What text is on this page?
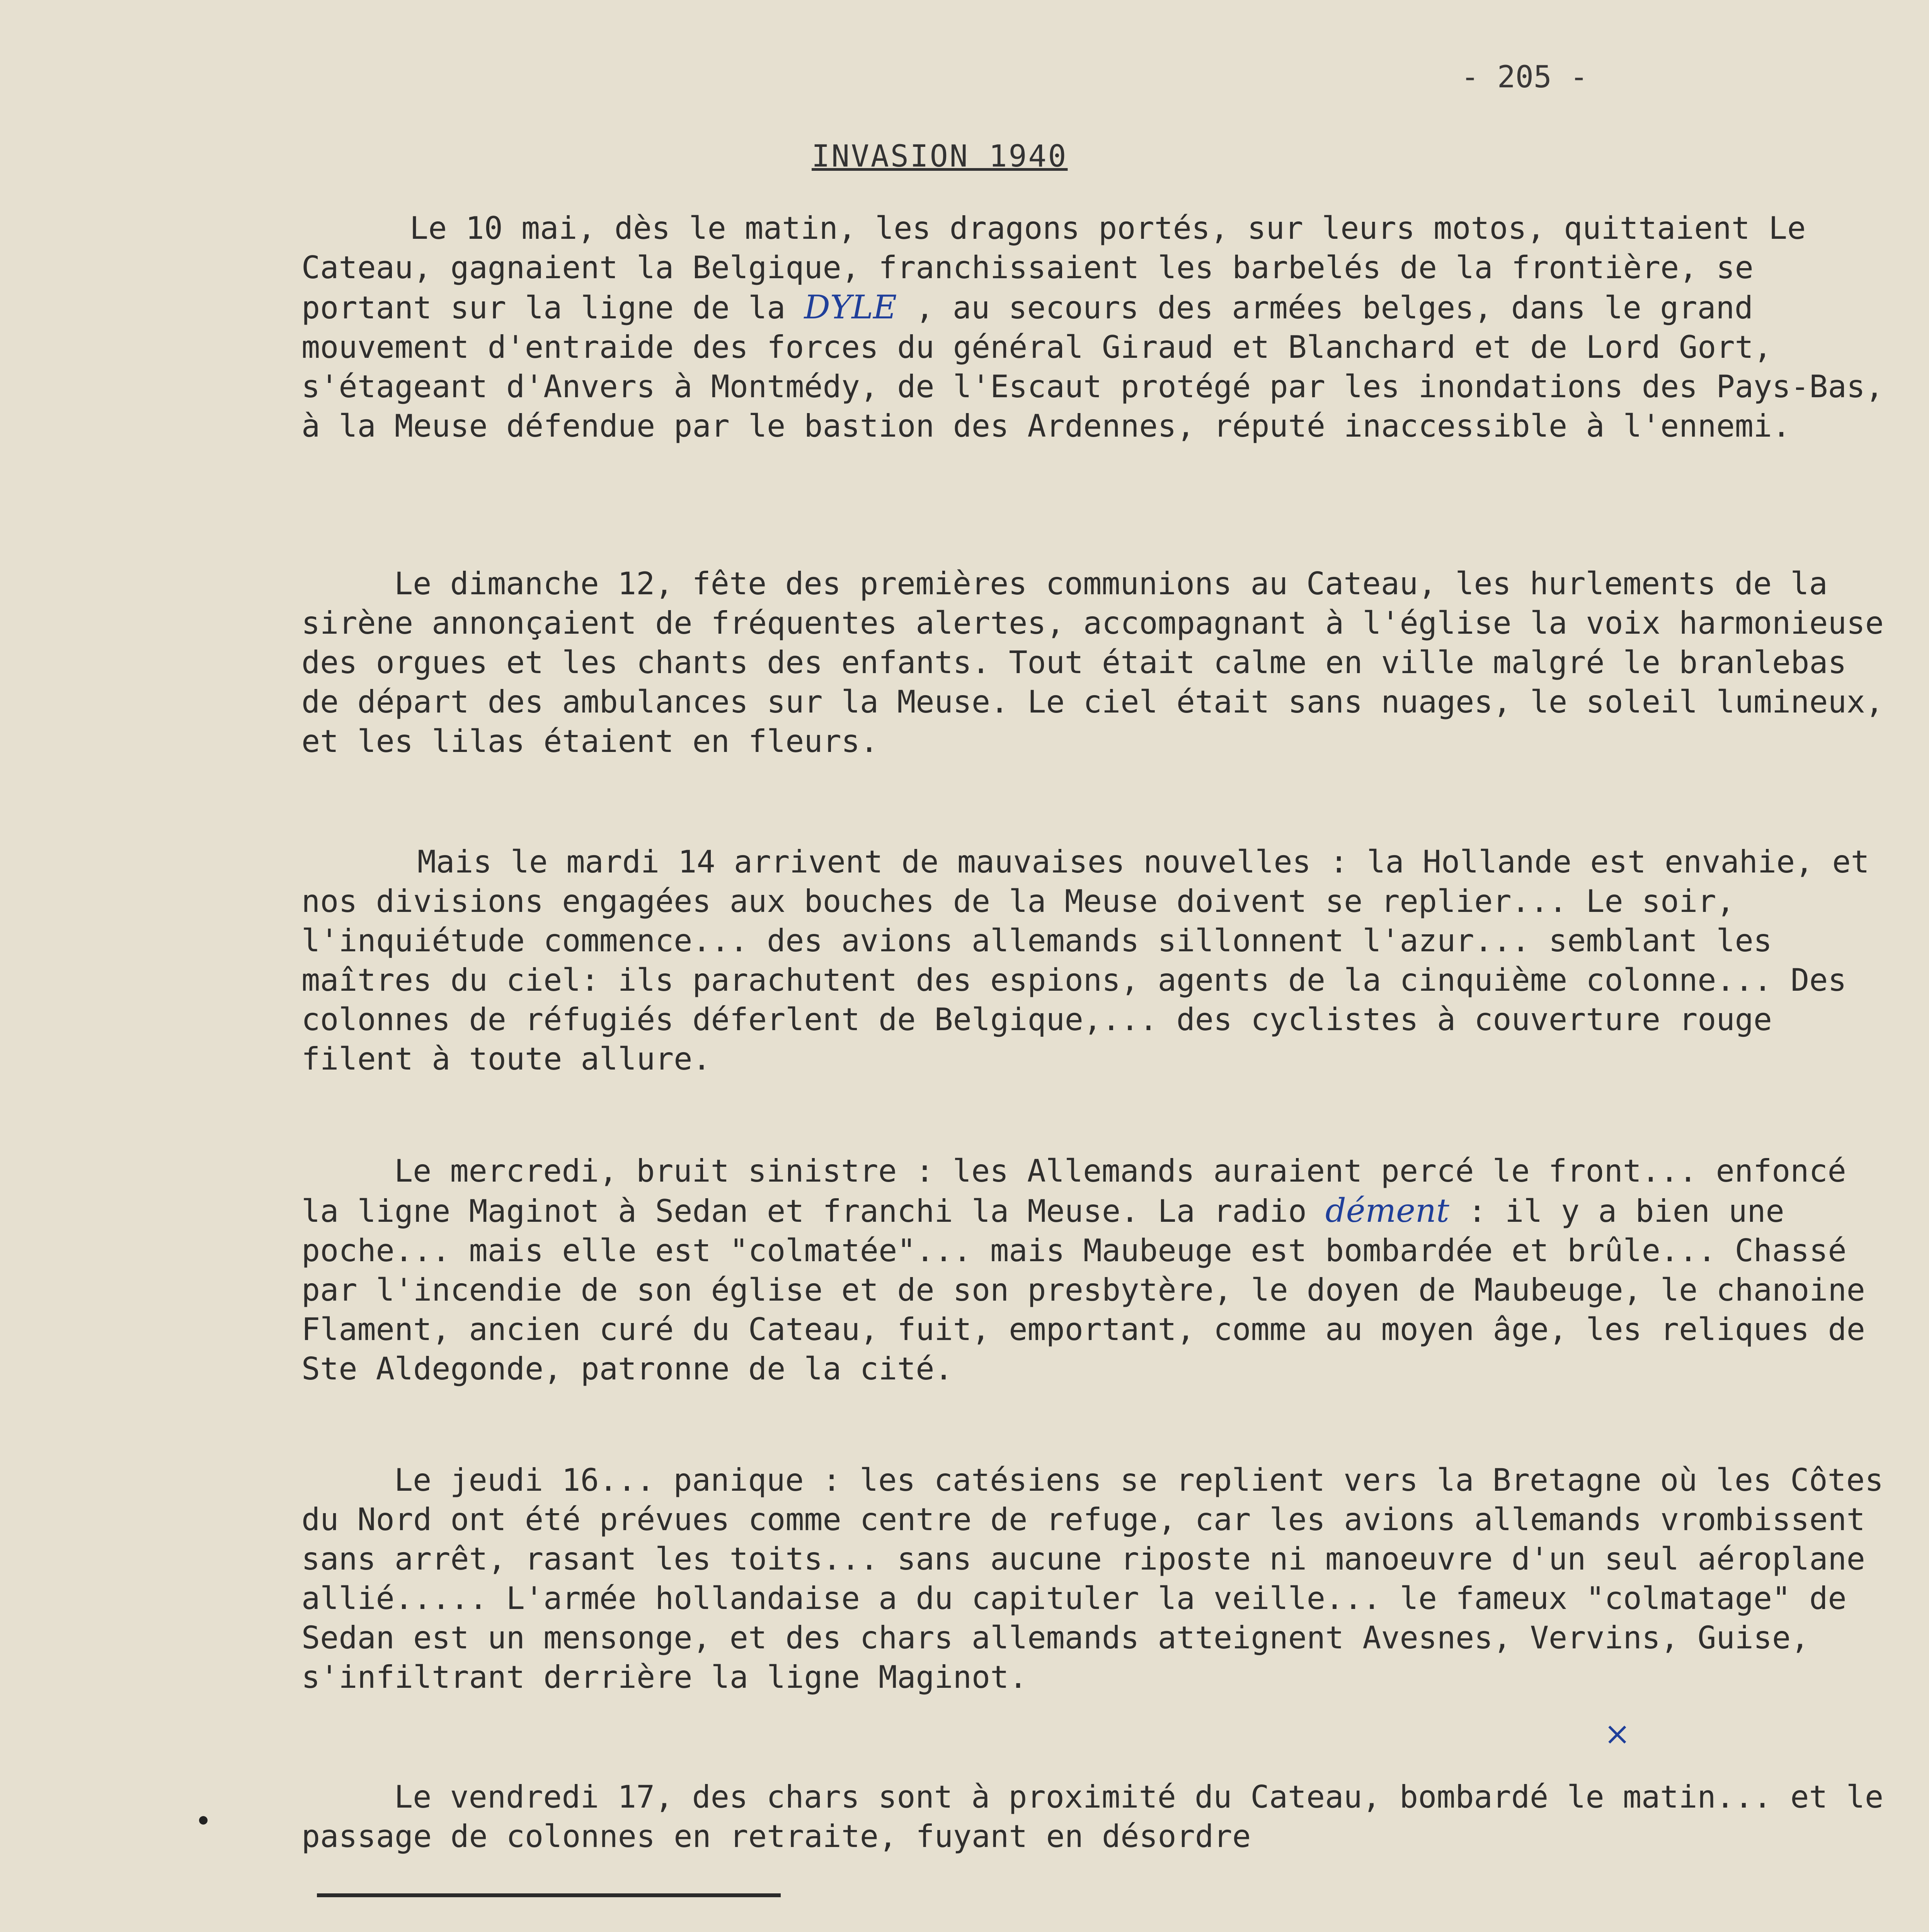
- 205 -
INVASION 1940
Le 10 mai, dès le matin, les dragons portés, sur leurs motos, quittaient Le Cateau, gagnaient la Belgique, franchissaient les barbelés de la frontière, se portant sur la ligne de la DYLE , au secours des armées belges, dans le grand mouvement d'entraide des forces du général Giraud et Blanchard et de Lord Gort, s'étageant d'Anvers à Montmédy, de l'Escaut protégé par les inondations des Pays-Bas, à la Meuse défendue par le bastion des Ardennes, réputé inaccessible à l'ennemi.
Le dimanche 12, fête des premières communions au Cateau, les hurlements de la sirène annonçaient de fréquentes alertes, accompagnant à l'église la voix harmonieuse des orgues et les chants des enfants. Tout était calme en ville malgré le branlebas de départ des ambulances sur la Meuse. Le ciel était sans nuages, le soleil lumineux, et les lilas étaient en fleurs.
Mais le mardi 14 arrivent de mauvaises nouvelles : la Hollande est envahie, et nos divisions engagées aux bouches de la Meuse doivent se replier... Le soir, l'inquiétude commence... des avions allemands sillonnent l'azur... semblant les maîtres du ciel: ils parachutent des espions, agents de la cinquième colonne... Des colonnes de réfugiés déferlent de Belgique,... des cyclistes à couverture rouge filent à toute allure.
Le mercredi, bruit sinistre : les Allemands auraient percé le front... enfoncé la ligne Maginot à Sedan et franchi la Meuse. La radio dément : il y a bien une poche... mais elle est "colmatée"... mais Maubeuge est bombardée et brûle... Chassé par l'incendie de son église et de son presbytère, le doyen de Maubeuge, le chanoine Flament, ancien curé du Cateau, fuit, emportant, comme au moyen âge, les reliques de Ste Aldegonde, patronne de la cité.
Le jeudi 16... panique : les catésiens se replient vers la Bretagne où les Côtes du Nord ont été prévues comme centre de refuge, car les avions allemands vrombissent sans arrêt, rasant les toits... sans aucune riposte ni manoeuvre d'un seul aéroplane allié..... L'armée hollandaise a du capituler la veille... le fameux "colmatage" de Sedan est un mensonge, et des chars allemands atteignent Avesnes, Vervins, Guise, s'infiltrant derrière la ligne Maginot.
×
Le vendredi 17, des chars sont à proximité du Cateau, bombardé le matin... et le passage de colonnes en retraite, fuyant en désordre
